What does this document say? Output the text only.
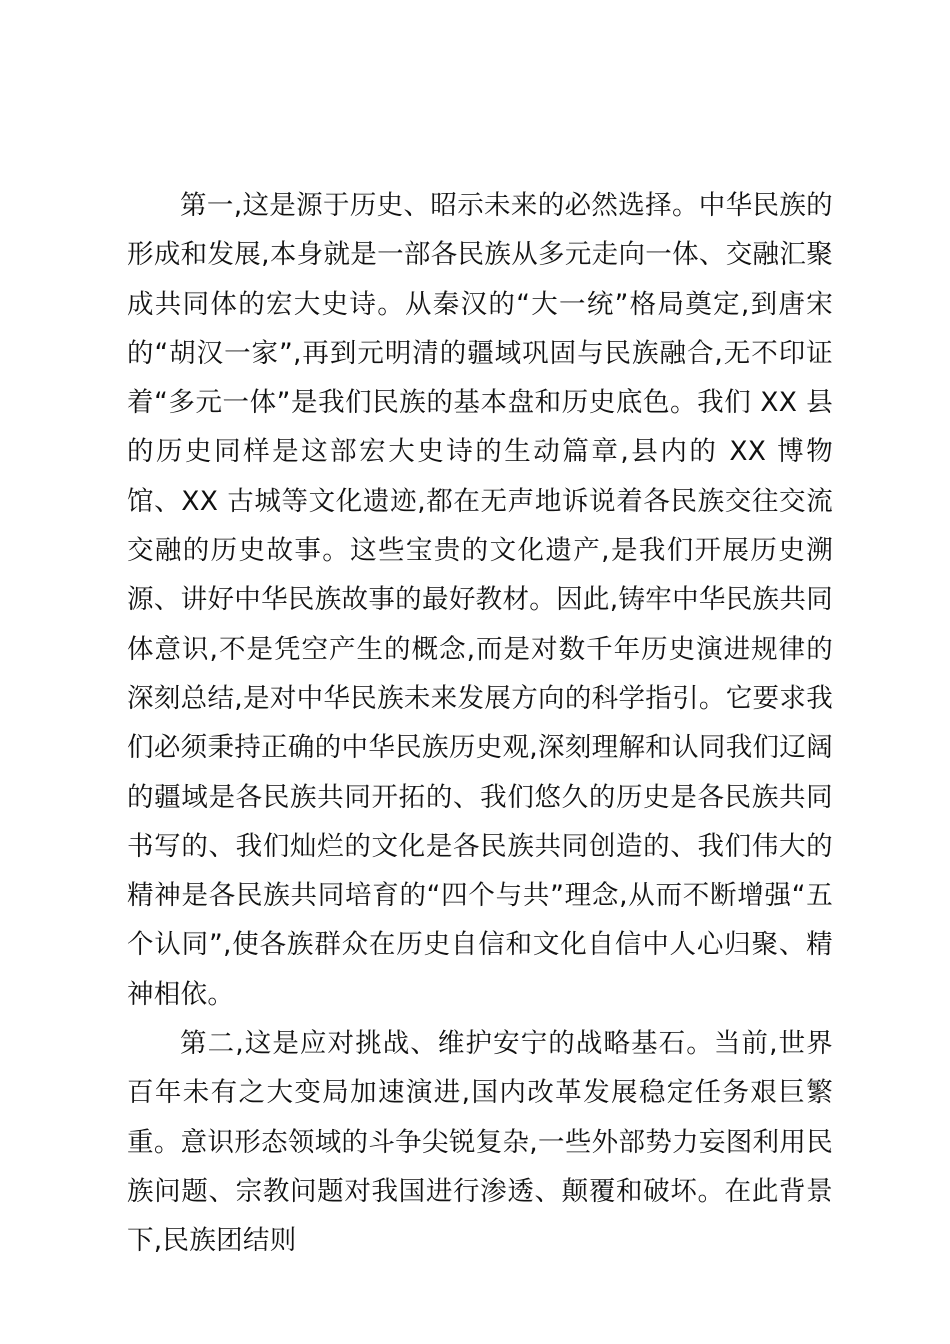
第一,这是源于历史、昭示未来的必然选择。中华民族的形成和发展,本身就是一部各民族从多元走向一体、交融汇聚成共同体的宏大史诗。从秦汉的“大一统”格局奠定,到唐宋的“胡汉一家”,再到元明清的疆域巩固与民族融合,无不印证着“多元一体”是我们民族的基本盘和历史底色。我们 XX 县的历史同样是这部宏大史诗的生动篇章,县内的 XX 博物馆、XX 古城等文化遗迹,都在无声地诉说着各民族交往交流交融的历史故事。这些宝贵的文化遗产,是我们开展历史溯源、讲好中华民族故事的最好教材。因此,铸牢中华民族共同体意识,不是凭空产生的概念,而是对数千年历史演进规律的深刻总结,是对中华民族未来发展方向的科学指引。它要求我们必须秉持正确的中华民族历史观,深刻理解和认同我们辽阔的疆域是各民族共同开拓的、我们悠久的历史是各民族共同书写的、我们灿烂的文化是各民族共同创造的、我们伟大的精神是各民族共同培育的“四个与共”理念,从而不断增强“五个认同”,使各族群众在历史自信和文化自信中人心归聚、精神相依。

第二,这是应对挑战、维护安宁的战略基石。当前,世界百年未有之大变局加速演进,国内改革发展稳定任务艰巨繁重。意识形态领域的斗争尖锐复杂,一些外部势力妄图利用民族问题、宗教问题对我国进行渗透、颠覆和破坏。在此背景下,民族团结则
